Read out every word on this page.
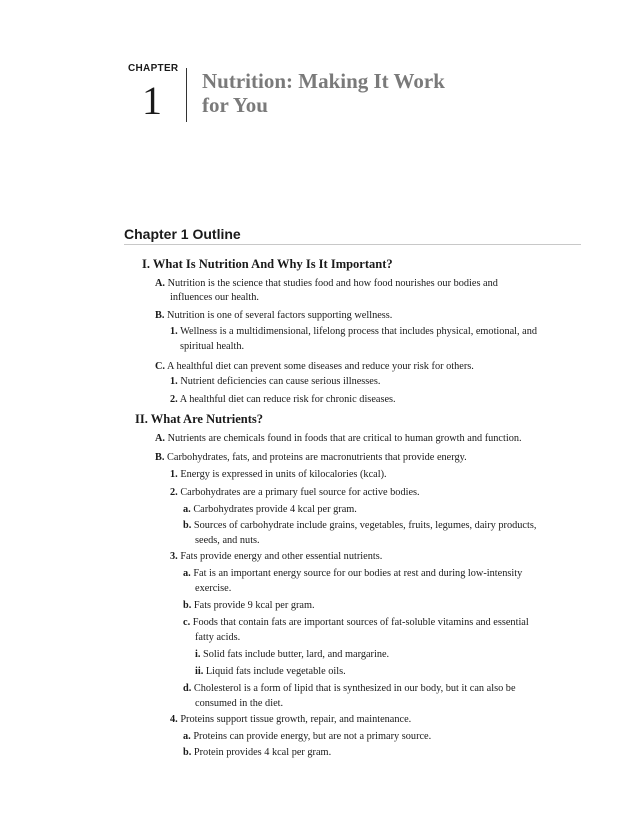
CHAPTER
1 Nutrition: Making It Work
for You
Chapter 1 Outline
I. What Is Nutrition And Why Is It Important?
A. Nutrition is the science that studies food and how food nourishes our bodies and
influences our health.
B. Nutrition is one of several factors supporting wellness.
1. Wellness is a multidimensional, lifelong process that includes physical, emotional, and
spiritual health.
C. A healthful diet can prevent some diseases and reduce your risk for others.
1. Nutrient deficiencies can cause serious illnesses.
2. A healthful diet can reduce risk for chronic diseases.
II. What Are Nutrients?
A. Nutrients are chemicals found in foods that are critical to human growth and function.
B. Carbohydrates, fats, and proteins are macronutrients that provide energy.
1. Energy is expressed in units of kilocalories (kcal).
2. Carbohydrates are a primary fuel source for active bodies.
a. Carbohydrates provide 4 kcal per gram.
b. Sources of carbohydrate include grains, vegetables, fruits, legumes, dairy products,
seeds, and nuts.
3. Fats provide energy and other essential nutrients.
a. Fat is an important energy source for our bodies at rest and during low-intensity
exercise.
b. Fats provide 9 kcal per gram.
c. Foods that contain fats are important sources of fat-soluble vitamins and essential
fatty acids.
i. Solid fats include butter, lard, and margarine.
ii. Liquid fats include vegetable oils.
d. Cholesterol is a form of lipid that is synthesized in our body, but it can also be
consumed in the diet.
4. Proteins support tissue growth, repair, and maintenance.
a. Proteins can provide energy, but are not a primary source.
b. Protein provides 4 kcal per gram.
